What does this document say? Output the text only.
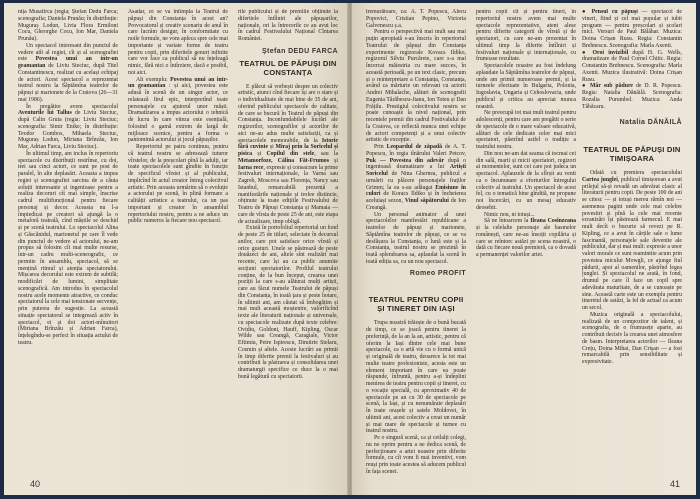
nița Musafirca (regia; Ștefan Dedu Farca; scenografia; Daniela Prunău; în distribuție: Muguraș Lodun, Livia Flora Ermiloni Cocu, Gheorghe Cocu, Ion Mar, Daniela Prunău).

Un spectacol interesant din punctul de vedere atît al regiei, cît și al scenografiei este Povestea unui an intr-un geamantan de Liviu Steciuc, după Titel Constantinescu, realizat cu același echipaj de actori. Acest spectacol a reprezentat teatrul nostru la Săptămîna teatrelor de păpuși și marionete de la Craiova (26—31 mai 1986).

În pregătire avem spectacolul Aventurile lui Tallus de Liviu Steciuc, după Calin Gruia (regia: Liviu Steciuc; scenografia: Simir Enike; în distribuție: Teodor Gombos, Mihaela Steciuc, Muguraș Lodun, Miriana Brînzău, Ion Mar, Adrian Farca, Liviu Steciuc).

În ultimul timp, am inclus în repertoriu spectacole cu distribuții restrînse, cu doi, trei sau cinci actori, ce sunt pe post de paralel, în alte deplasări. Aceasta a impus regiei și scenografiei sarcina de a căuta soluții interesante și ingenioase pentru a realiza decoruri cît mai simple, înscrise cadrul multifuncțional pentru fiecare personaj și decor. Aceasta nu l-a împiedicat pe creatori să ajungă la o metaforă teatrală, cînd măștile se deschid și pe scenă teatrului. Lo spectacolul Alina și Găscănidul, marionetul pe care îl vede din punctul de vedere al actorului, ne-am propus să folosim cît mai multe resurse, într-un cadru multi-sceneografic, ce permite în ansamblu, spectacol, să se mențină ritmul și atenția spectatorului. Mișcarea decorului este extrem de subtilă; modificări de lumini, simplitate scenografică. Am introdus în spectacolul nostru acele momente atractive, ce conduc spectatorul la cele mai tensionate secvențe, prin puterea de sugestie. La această situație spectatorul se integrează activ în spectacol, ei și doi actori-mînuitori (Miriana Brînzău și Adrian Farca), înțelegîndu-se perfect în situația actului de teatru.

Asadar, ce se va întîmpla la Teatrul de păpuși din Constanța în acest an? Provocatorul și creativ scenariu de anul în care lucrăm desigur, în conformitate cu noile formule, ne vom apleca spre cele mai importante și variate forme de teatru pentru copii, prin diferitele genuri infinite care vor face ca publicul să nu înțeleagă nimic, fără nici o întîrziere, dacă e posibil, noi aici.

Alt exemplu: Povestea unui an intr-un geamantan : și aici, povestea este adusă în scenă de un singur actor, ce relatează firul epic, interpretînd toate personajele cu ajutorul unor măști. Dramatizarea a impus actorului o tehnică de lucru în care viteza este esențială, folosind o gamă extrem de largă de mijloace scenice, pentru a forma o pantomimă actorului și jocul păpușilor.

Repertoriul pe patru continuu, pentru că teatrul nostru se adresează tuturor vîrstelor, de la preșcolari pînă la adulți, iar toate spectacolele sunt gîndite în funcție de specificul vîrstei și al publicului, implicînd în actul creator întreg colectivul artistic. Prin aceasta urmărim să o evoluție a actorului pe scenă, în plină formare a calității artistice a teatrului, ca un pas important și creator în ansamblul repertoriului nostru, pentru a ne aduce un public numeros la fiecare nou spectacol.

rile publicului și de premiile obținute la diferitele întîlniri ale păpușarilor, naționale, ori la întrecerile ce au avut loc în cadrul Festivalului Național Cîntarea României.

Ștefan DEDU FARCA
TEATRUL DE PĂPUȘI DIN CONSTANȚA

E plăcut să vorbești despre un colectiv artistic, atunci cînd fiecare își are o stare și o individualitate de mai bine de 35 de ani, oferind publicului spectacole de calitate, de care se bucură în Teatrul de păpuși din Constanța. Inconfundabilele lucrări ale regizorilor, scenografilor și actorilor de aici ne-au adus multe satisfacții, ca și spectacolele memorabile, de la Istorie fără cuvinte și Miraj prin la Soricelul și pisica și Copilul din stele, sau la Metamorfoze, Călina Făt-Frumos și Iarna rece, expresie și consacrare la prime festivaluri internaționale, la Varna sau Zagreb, Moscova sau Florența, Nancy sau Istanbul, remarcabilă prezență a manifestările naționale și trofee distincte, obținute la toate edițiile Festivalului de Teatru de Păpuși Constanța și Mamaia — care de vîrsta de peste 25 de ani, este etapa de actualizare, timp obligă.

Există în portofoliul repertorial un fond de peste 25 de titluri, selectate în decursul anilor, care pot satisface orice vîrstă și orice gusturi. Unele se păstrează de peste douăzeci de ani, altele sînt realizări mai recente, care își au ca public anumite secțiuni spectatorilor. Profilul teatrului conține, de la bun început, crearea unei poziții la care s-au alăturat mulți artiști, care au făcut numele Teatrului de păpuși din Constanța, în toată țara și peste hotare, în ultimii ani, am căutat să îmbogățim și mai mult această moștenire, valorificînd texte ale literaturii naționale și universale, cu spectacole realizate după texte celebre: Ovidiu, Goldoni, Hauff, Kipling, Oscar Wilde sau Creangă, Caragiale, Victor Eftimiu, Petre Ispirescu, Dimitrie Stelaru, Cosmin și altele. Aceste lucrări au primit în timp diferite premii la festivaluri și au contribuit la păstrarea și consolidarea unei dramaturgii specifice ce duce la o mai bună legătură cu spectatorii.

40

tremurătoare, ca: A. T. Popescu, Alecu Popovici, Cristian Pepino, Victoria Galvenescu ș.a.

Pentru o perspectivă mai mult sau mai puțin apropiată s-au înscris în repertoriul Teatrului de păpuși din Constanța experimente regizorale Kovacs Ildiko, regizorul Silviu Purcărete, care s-a mai încercat măiestria cu mare succes, în această perioadă, pe un text clasic, precum și o reinterpretare a Constanța, Constanța, având ca mărturie un relevant cu actorii Andrei Mihalache, alături de scenografii Eugenia Tărăbescu-Jianu, Ion Toteu și Dan Frățilu. Prestigiul colectivului nostru se poate cunoaște la nivel național, prin recentele premii din cadrul Festivalului de la Craiova, ce reflectă munca unei echipe de actori competenți și a unui colectiv artistic de excepție.

Prin Leopardul de zăpadă de A. T. Popescu, în regia tînărului Valeri Petcov, Puk — Povestea din adevăr după o ingenioasă dramatizare a lui Artiști Soricelul de Nina Ghernea, publicul a urmărit cu plăcere personajele fraților Grimm; la ea s-au adăugat Emisiune în culori de Koracs Ildiko și în încheierea aceluiași sezon, Vinul săpătorului de Ion Creangă.

Un personal animator al unei spectacolelor manifestări republicane a teatrelor de păpuși și marionete, Săptămîna teatrelor de păpuși, ce se va desfășura la Constanța, o lună este și la Constanța, teatrul nostru se prezintă în toată splendoarea sa, aplaudat la scenă în toată ediția sa, cu un nou spectacol.

Romeo PROFIT
TEATRUL PENTRU COPII ȘI TINERET DIN IAȘI

Trupa noastră trăiește de o bună bucată de timp, ce se joacă pentru tineret la preferință, de la an la an, artistic, pentru că oferim la Iași dintre cele mai bune spectacole, ca o artă vie cu o formă unică și originală de teatru, deoarece la tot mai multe teatre profesioniste, acesta este un element important în care ea poate răspunde, înfruntă, pentru a-și îndeplini menirea de teatru pentru copii și tineret, cu o vocație specială, cu aproximativ 40 de spectacole pe an cu 30 de spectacole pe scenă, la Iași, și cu nenumărate deplasări în toate orașele și satele Moldovei, în ultimii ani, acest colectiv a creat un număr și mai mare de spectacole și turnee cu teatrul nostru.

Pe o singură scenă, ca și ceilalți colegi, nu ne oprim pentru a ne dedica scenă, de perfecționare a artei noastre prin diferite formule, cu cît vom fi mai inventivi, vom reuși prin toate acestea să aducem publicul în fața scenei.

pentru copii cît și pentru tineri, în repertoriul nostru avem mai multe spectacole reprezentative, atent alese pentru diferite categorii de vîrstă și de spectatori, cu care ne-am prezentat în ultimul timp la diferite întîlniri și festivaluri naționale și internaționale, cu frumoase rezultate.

Spectacolele noastre au fost îndelung aplaudate la Săptămîna teatrelor de păpuși, unde am primit numeroase premii, și la turneele efectuate în Bulgaria, Polonia, Iugoslavia, Ungaria și Cehoslovacia, unde publicul și critica au apreciat munca noastră.

Ne preocupă tot mai mult teatrul pentru adolescenți, pentru care am pregătit o serie de spectacole de o mare valoare educativă, alături de cele dedicate celor mai mici spectatori, păstrînd astfel o tradiție a teatrului nostru.

Din nou ne-am dat seama că tocmai cei din sală, marii și micii spectatori, regizori ai momentelor, sunt cei care pot judeca un spectacol. Aplauzele de la sfîrșit au venit ca o încununare a eforturilor întregului colectiv al teatrului. Un spectacol de acest fel, cu o tematică bine gîndită, ne propune noi încercări, cu un mesaj educativ deosebit.

Nimic nou, ni totuși...

Să ne întoarcem la Ileana Cosînzeana și la celelalte personaje ale basmelor românești, care ne-au însoțit copilăria și care se reîntorc astăzi pe scena noastră, o dată cu fiecare nouă premieră, ca o dovadă a permanenței valorilor artei.

● Pensul cu păpuși — spectacol de vineri, fiind și cel mai popular și iubit program — pentru preșcolari și școlari mici. Versuri de Paul Bălăhar. Muzica: Doina Crișan Rusu. Regia: Constantin Brehnescu. Scenografia: Marla Axenti.

● Oroi invizibil după H. G. Wells, dramatizare de Paul Cornel Chitic. Regia: Constantin Brehnescu. Scenografia: Marla Axenti. Muzica ilustrativă: Doina Crișan Rusu.

● Măr sub pădure de D. R. Popescu. Regia: Natalia Dănăilă. Scenografia: Rozalia Purumbel. Muzica: Anda Tăbăcaru.

Natalia DĂNĂILĂ
TEATRUL DE PĂPUȘI DIN TIMIȘOARA

Odată cu premiera spectacolului Cartea junglei, publicul timișorean a avut prilejul să-și revadă un adevărat clasic al literaturii pentru copii. De peste 100 de ani se citesc — și totuși mereu rămîn noi — asemenea pagini unde cele mai celebre povestiri și pînă la cele mai recente ecranizări își păstrează farmecul. E mai mult decît o bucurie să revezi pe R. Kipling, ce a avut în cărțile sale o lume fascinantă, personajele sale devenite ale publicului, dar și mai mult: expresie a unor valori morale ce sunt reamintite acum prin povestea micului Mowgli, ce ajunge fiul pădurii, apoi al oamenilor, păstrînd legea junglei. Și spectacolul ne arată, în fond, drumul pe care îl face un copil spre adevărata maturitate, de a se cunoaște pe sine. Această carte este un exemplu pentru tineretul de astăzi, la fel de actual ca acum un secol.

Muzica originală a spectacolului, realizată de un compozitor de talent, și scenografia, de o frumusețe aparte, au contribuit decisiv la crearea unei atmosfere de basm. Interpretarea actorilor — Ileana Crețu, Doina Mihai, Dan Crișan — a fost remarcabilă prin sensibilitate și expresivitate.

41
